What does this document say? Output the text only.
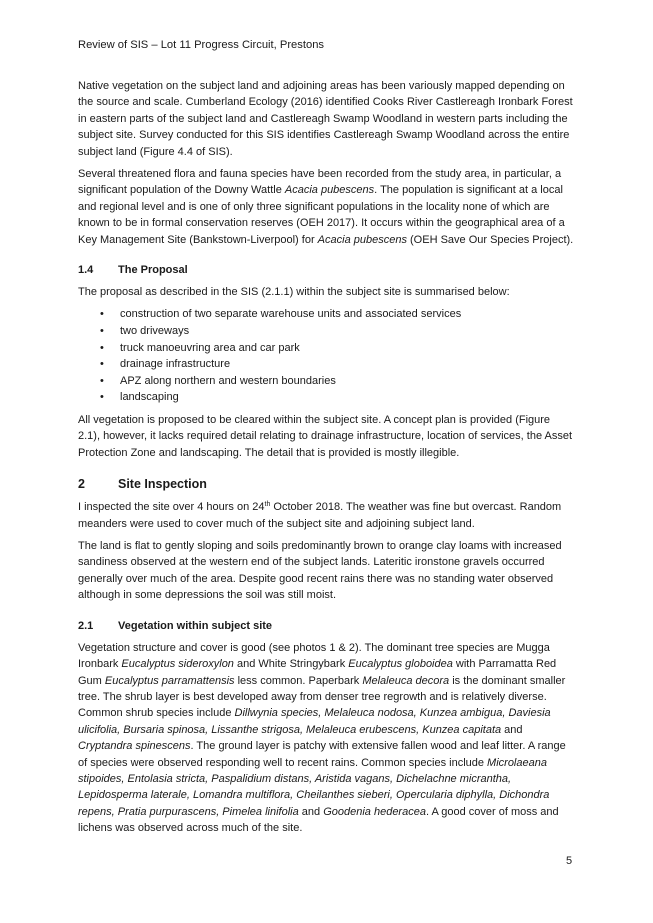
Review of SIS – Lot 11 Progress Circuit, Prestons

Native vegetation on the subject land and adjoining areas has been variously mapped depending on the source and scale. Cumberland Ecology (2016) identified Cooks River Castlereagh Ironbark Forest in eastern parts of the subject land and Castlereagh Swamp Woodland in western parts including the subject site. Survey conducted for this SIS identifies Castlereagh Swamp Woodland across the entire subject land (Figure 4.4 of SIS).

Several threatened flora and fauna species have been recorded from the study area, in particular, a significant population of the Downy Wattle Acacia pubescens. The population is significant at a local and regional level and is one of only three significant populations in the locality none of which are known to be in formal conservation reserves (OEH 2017). It occurs within the geographical area of a Key Management Site (Bankstown-Liverpool) for Acacia pubescens (OEH Save Our Species Project).

1.4 The Proposal

The proposal as described in the SIS (2.1.1) within the subject site is summarised below:

• construction of two separate warehouse units and associated services
• two driveways
• truck manoeuvring area and car park
• drainage infrastructure
• APZ along northern and western boundaries
• landscaping

All vegetation is proposed to be cleared within the subject site. A concept plan is provided (Figure 2.1), however, it lacks required detail relating to drainage infrastructure, location of services, the Asset Protection Zone and landscaping. The detail that is provided is mostly illegible.

2	Site Inspection

I inspected the site over 4 hours on 24th October 2018. The weather was fine but overcast. Random meanders were used to cover much of the subject site and adjoining subject land.

The land is flat to gently sloping and soils predominantly brown to orange clay loams with increased sandiness observed at the western end of the subject lands. Lateritic ironstone gravels occurred generally over much of the area. Despite good recent rains there was no standing water observed although in some depressions the soil was still moist.

2.1 Vegetation within subject site

Vegetation structure and cover is good (see photos 1 & 2). The dominant tree species are Mugga Ironbark Eucalyptus sideroxylon and White Stringybark Eucalyptus globoidea with Parramatta Red Gum Eucalyptus parramattensis less common. Paperbark Melaleuca decora is the dominant smaller tree. The shrub layer is best developed away from denser tree regrowth and is relatively diverse. Common shrub species include Dillwynia species, Melaleuca nodosa, Kunzea ambigua, Daviesia ulicifolia, Bursaria spinosa, Lissanthe strigosa, Melaleuca erubescens, Kunzea capitata and Cryptandra spinescens. The ground layer is patchy with extensive fallen wood and leaf litter. A range of species were observed responding well to recent rains. Common species include Microlaeana stipoides, Entolasia stricta, Paspalidium distans, Aristida vagans, Dichelachne micrantha, Lepidosperma laterale, Lomandra multiflora, Cheilanthes sieberi, Opercularia diphylla, Dichondra repens, Pratia purpurascens, Pimelea linifolia and Goodenia hederacea. A good cover of moss and lichens was observed across much of the site.

5
